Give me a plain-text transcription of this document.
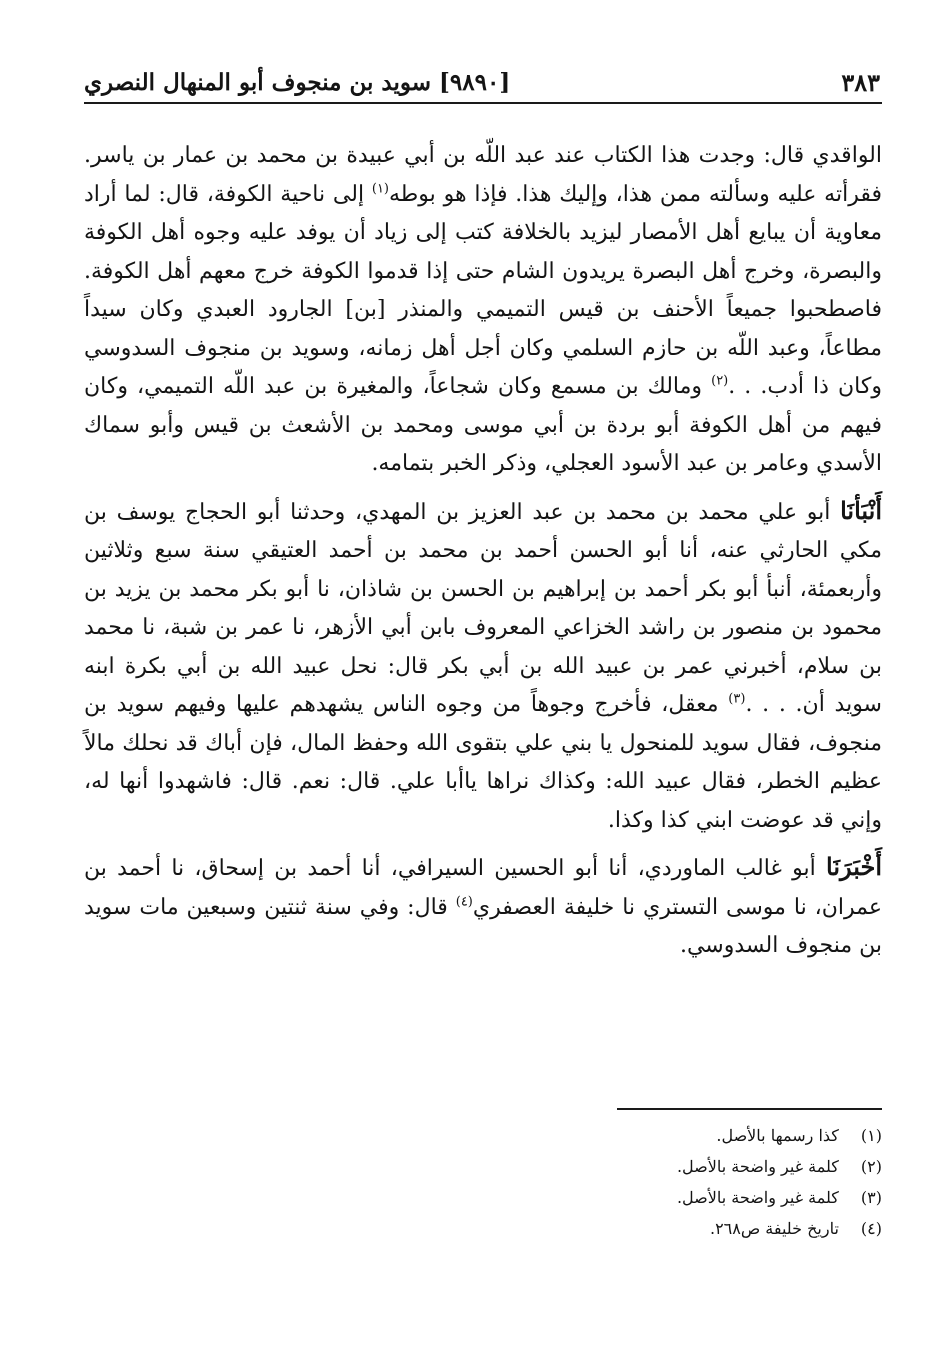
[٩٨٩٠] سويد بن منجوف أبو المنهال النصري	٣٨٣

الواقدي قال: وجدت هذا الكتاب عند عبد اللّه بن أبي عبيدة بن محمد بن عمار بن ياسر. فقرأته عليه وسألته ممن هذا، وإليك هذا. فإذا هو بوطه$^{(١)}$ إلى ناحية الكوفة، قال: لما أراد معاوية أن يبايع أهل الأمصار ليزيد بالخلافة كتب إلى زياد أن يوفد عليه وجوه أهل الكوفة والبصرة، وخرج أهل البصرة يريدون الشام حتى إذا قدموا الكوفة خرج معهم أهل الكوفة. فاصطحبوا جميعاً الأحنف بن قيس التميمي والمنذر [بن] الجارود العبدي وكان سيداً مطاعاً، وعبد اللّه بن حازم السلمي وكان أجل أهل زمانه، وسويد بن منجوف السدوسي وكان ذا أدب. . .$^{(٢)}$ ومالك بن مسمع وكان شجاعاً، والمغيرة بن عبد اللّه التميمي، وكان فيهم من أهل الكوفة أبو بردة بن أبي موسى ومحمد بن الأشعث بن قيس وأبو سماك الأسدي وعامر بن عبد الأسود العجلي، وذكر الخبر بتمامه.

أَنْبَأنَا أبو علي محمد بن محمد بن عبد العزيز بن المهدي، وحدثنا أبو الحجاج يوسف بن مكي الحارثي عنه، أنا أبو الحسن أحمد بن محمد بن أحمد العتيقي سنة سبع وثلاثين وأربعمئة، أنبأ أبو بكر أحمد بن إبراهيم بن الحسن بن شاذان، نا أبو بكر محمد بن يزيد بن محمود بن منصور بن راشد الخزاعي المعروف بابن أبي الأزهر، نا عمر بن شبة، نا محمد بن سلام، أخبرني عمر بن عبيد الله بن أبي بكر قال: نحل عبيد الله بن أبي بكرة ابنه سويد أن. . . .$^{(٣)}$ معقل، فأخرج وجوهاً من وجوه الناس يشهدهم عليها وفيهم سويد بن منجوف، فقال سويد للمنحول يا بني علي بتقوى الله وحفظ المال، فإن أباك قد نحلك مالاً عظيم الخطر، فقال عبيد الله: وكذاك نراها ياأبا علي. قال: نعم. قال: فاشهدوا أنها له، وإني قد عوضت ابني كذا وكذا.

أَخْبَرَنَا أبو غالب الماوردي، أنا أبو الحسين السيرافي، أنا أحمد بن إسحاق، نا أحمد بن عمران، نا موسى التستري نا خليفة العصفري$^{(٤)}$ قال: وفي سنة ثنتين وسبعين مات سويد بن منجوف السدوسي.

(١) كذا رسمها بالأصل.
(٢) كلمة غير واضحة بالأصل.
(٣) كلمة غير واضحة بالأصل.
(٤) تاريخ خليفة ص٢٦٨.
